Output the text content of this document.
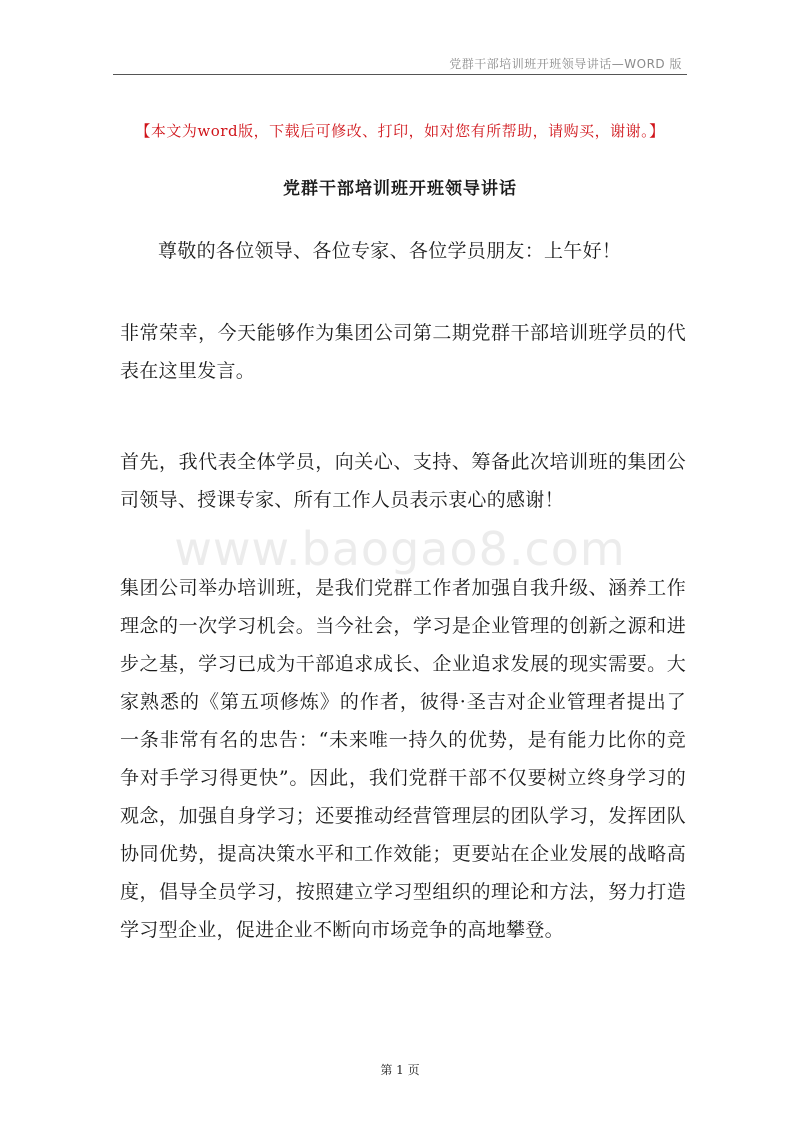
党群干部培训班开班领导讲话—WORD 版
【本文为word版，下载后可修改、打印，如对您有所帮助，请购买，谢谢。】
党群干部培训班开班领导讲话
www.baogao8.com
尊敬的各位领导、各位专家、各位学员朋友：上午好！
非常荣幸，今天能够作为集团公司第二期党群干部培训班学员的代表在这里发言。
首先，我代表全体学员，向关心、支持、筹备此次培训班的集团公司领导、授课专家、所有工作人员表示衷心的感谢！
集团公司举办培训班，是我们党群工作者加强自我升级、涵养工作理念的一次学习机会。当今社会，学习是企业管理的创新之源和进步之基，学习已成为干部追求成长、企业追求发展的现实需要。大家熟悉的《第五项修炼》的作者，彼得·圣吉对企业管理者提出了一条非常有名的忠告：“未来唯一持久的优势，是有能力比你的竞争对手学习得更快”。因此，我们党群干部不仅要树立终身学习的观念，加强自身学习；还要推动经营管理层的团队学习，发挥团队协同优势，提高决策水平和工作效能；更要站在企业发展的战略高度，倡导全员学习，按照建立学习型组织的理论和方法，努力打造学习型企业，促进企业不断向市场竞争的高地攀登。
第 1 页
